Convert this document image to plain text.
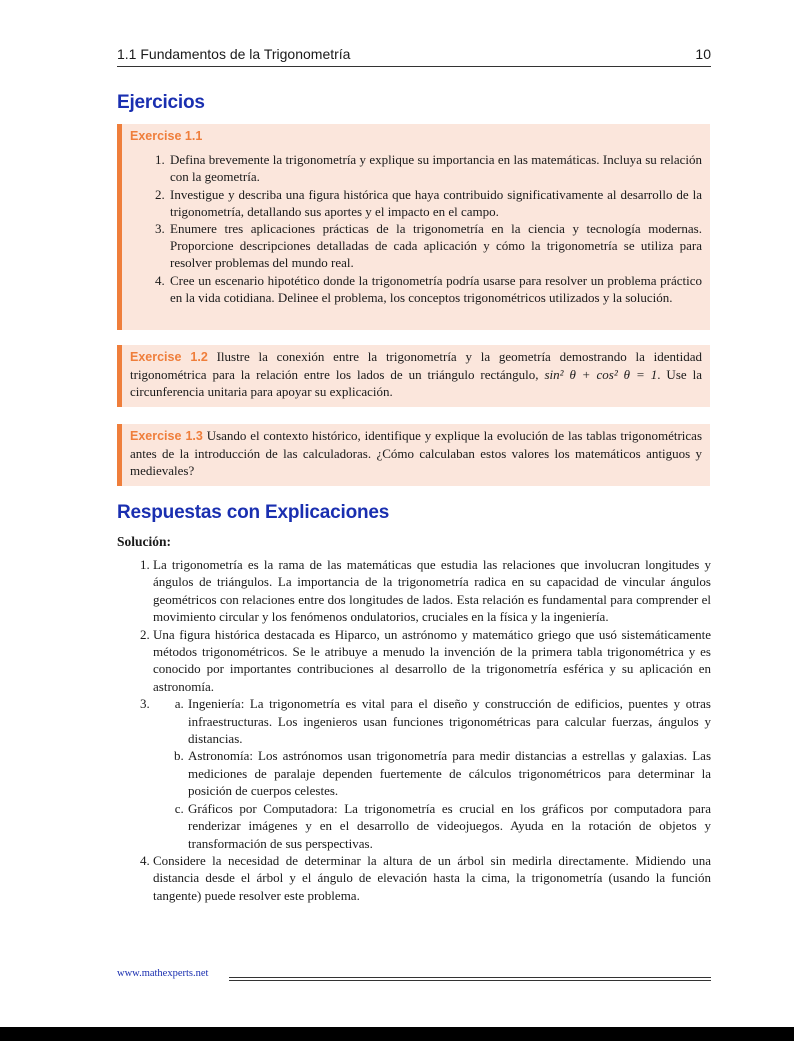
1.1 Fundamentos de la Trigonometría	10
Ejercicios
Exercise 1.1
1. Defina brevemente la trigonometría y explique su importancia en las matemáticas. Incluya su relación con la geometría.
2. Investigue y describa una figura histórica que haya contribuido significativamente al desarrollo de la trigonometría, detallando sus aportes y el impacto en el campo.
3. Enumere tres aplicaciones prácticas de la trigonometría en la ciencia y tecnología modernas. Proporcione descripciones detalladas de cada aplicación y cómo la trigonometría se utiliza para resolver problemas del mundo real.
4. Cree un escenario hipotético donde la trigonometría podría usarse para resolver un problema práctico en la vida cotidiana. Delinee el problema, los conceptos trigonométricos utilizados y la solución.
Exercise 1.2 Ilustre la conexión entre la trigonometría y la geometría demostrando la identidad trigonométrica para la relación entre los lados de un triángulo rectángulo, sin² θ + cos² θ = 1. Use la circunferencia unitaria para apoyar su explicación.
Exercise 1.3 Usando el contexto histórico, identifique y explique la evolución de las tablas trigonométricas antes de la introducción de las calculadoras. ¿Cómo calculaban estos valores los matemáticos antiguos y medievales?
Respuestas con Explicaciones
Solución:
1. La trigonometría es la rama de las matemáticas que estudia las relaciones que involucran longitudes y ángulos de triángulos. La importancia de la trigonometría radica en su capacidad de vincular ángulos geométricos con relaciones entre dos longitudes de lados. Esta relación es fundamental para comprender el movimiento circular y los fenómenos ondulatorios, cruciales en la física y la ingeniería.
2. Una figura histórica destacada es Hiparco, un astrónomo y matemático griego que usó sistemáticamente métodos trigonométricos. Se le atribuye a menudo la invención de la primera tabla trigonométrica y es conocido por importantes contribuciones al desarrollo de la trigonometría esférica y su aplicación en astronomía.
a. 3. Ingeniería: La trigonometría es vital para el diseño y construcción de edificios, puentes y otras infraestructuras. Los ingenieros usan funciones trigonométricas para calcular fuerzas, ángulos y distancias.
b. Astronomía: Los astrónomos usan trigonometría para medir distancias a estrellas y galaxias. Las mediciones de paralaje dependen fuertemente de cálculos trigonométricos para determinar la posición de cuerpos celestes.
c. Gráficos por Computadora: La trigonometría es crucial en los gráficos por computadora para renderizar imágenes y en el desarrollo de videojuegos. Ayuda en la rotación de objetos y transformación de sus perspectivas.
4. Considere la necesidad de determinar la altura de un árbol sin medirla directamente. Midiendo una distancia desde el árbol y el ángulo de elevación hasta la cima, la trigonometría (usando la función tangente) puede resolver este problema.
www.mathexperts.net
